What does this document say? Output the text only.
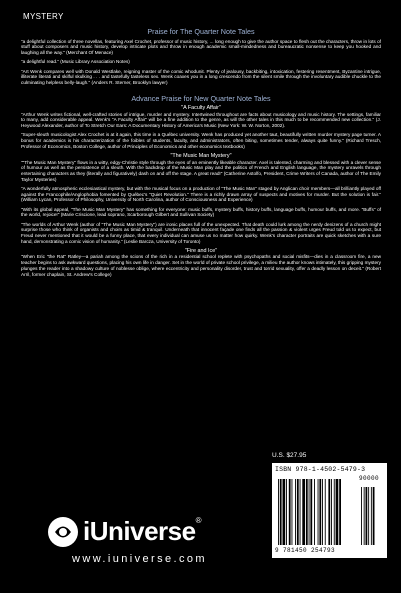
MYSTERY
Praise for The Quarter Note Tales

"a delightful collection of three novellas, featuring Axel Crochet, professor of music history, ... long enough to give the author space to flesh out the characters, throw in lots of stuff about composers and music history, develop intricate plots and throw in enough academic small-mindedness and bureaucratic nonsense to keep you hooked and laughing all the way." (Merchant Of Menace)

"a delightful read." (Music Library Association Notes)

"Art Wenk compares well with Donald Westlake, reigning master of the comic whodunit. Plenty of jealousy, backbiting, intoxication, festering resentment, Byzantine intrigue, illiterate literati and skilful skulking . . . and tastefully tasteless sex. Wenk coaxes you in a long crescendo from the silent smile through the involuntary audible chuckle to the culminating helpless belly-laugh." (Anders R. Sterner, Brooklyn lawyer)

Advance Praise for New Quarter Note Tales
"A Faculty Affair"

"Arthur Wenk writes fictional, well-crafted stories of intrigue, murder and mystery. Intertwined throughout are facts about musicology and music history. The settings, familiar to many, add considerable appeal. Wenk's "A Faculty Affair" will be a fine addition to the genre, as will the other tales in this much to be recommended new collection." (J. Heywood Alexander, author of To Stretch Our Ears: A Documentary History of America's Music (New York: W. W. Norton, 2002).

"Super-sleuth musicologist Alex Crochet is at it again, this time in a Québec university. Wenk has produced yet another taut, beautifully written murder mystery page turner. A bonus for academics is his characterization of the foibles of students, faculty, and administrators, often biting, sometimes tender, always quite funny." (Richard Tresch, Professor of Economics, Boston College, author of Principles of Economics and other economics textbooks)

"The Music Man Mystery"

""The Music Man Mystery" flows in a witty, edgy-Christie style through the eyes of an eminently likeable character. Axel is talented, charming and blessed with a clever sense of humour as well as the persistence of a sleuth. With the backdrop of the Music Man play and the politics of French and English language, the mystery unravels through entertaining characters as they (literally and figuratively) dash on and off the stage. A great read!" (Catherine Astolfo, President, Crime Writers of Canada, author of The Emily Taylor Mysteries)

"A wonderfully atmospheric ecclesiastical mystery, but with the musical focus on a production of "The Music Man" staged by Anglican choir members—all brilliantly played off against the Francophile/Anglophobia fomented by Québec's "Quiet Revolution." There is a richly drawn array of suspects and motives for murder. But the solution is fair." (William Lycan, Professor of Philosophy, University of North Carolina, author of Consciousness and Experience)

"With its global appeal, "The Music Man Mystery" has something for everyone: music buffs, mystery buffs, history buffs, language buffs, humour buffs, and more. "Buffs" of the world, rejoice!" (Marie Criscione, lead soprano, Scarborough Gilbert and Sullivan Society)

"The worlds of Arthur Wenk (author of "The Music Man Mystery") are ironic places full of the unexpected. That death could lurk among the nerdy denizens of a church might surprise those who think of organists and choirs as timid & tranquil. Underneath that innocent façade one finds all the passion & violent urges Freud told us to expect, but Freud never mentioned that it would be a funny place, that every individual can amuse us no matter how quirky. Wenk's character portraits are quick sketches with a sure hand, demonstrating a comic vision of humanity." (Leslie Barcza, University of Toronto)

"Fire and Ice"

"When Eric "the Rat" Ratley—a pariah among the scions of the rich in a residential school replete with psychopaths and social misfits—dies in a classroom fire, a new teacher begins to ask awkward questions, placing his own life in danger. Set in the world of private school privilege, a milieu the author knows intimately, this gripping mystery plunges the reader into a shadowy culture of noblesse oblige, where eccentricity and personality disorder, trust and torrid sexuality, offer a deadly lesson on deceit." (Robert Arril, former chaplain, St. Andrew's College)

U.S. $27.95
ISBN 978-1-4502-5479-3
9 781450 254793
90000
iUniverse®
www.iuniverse.com
